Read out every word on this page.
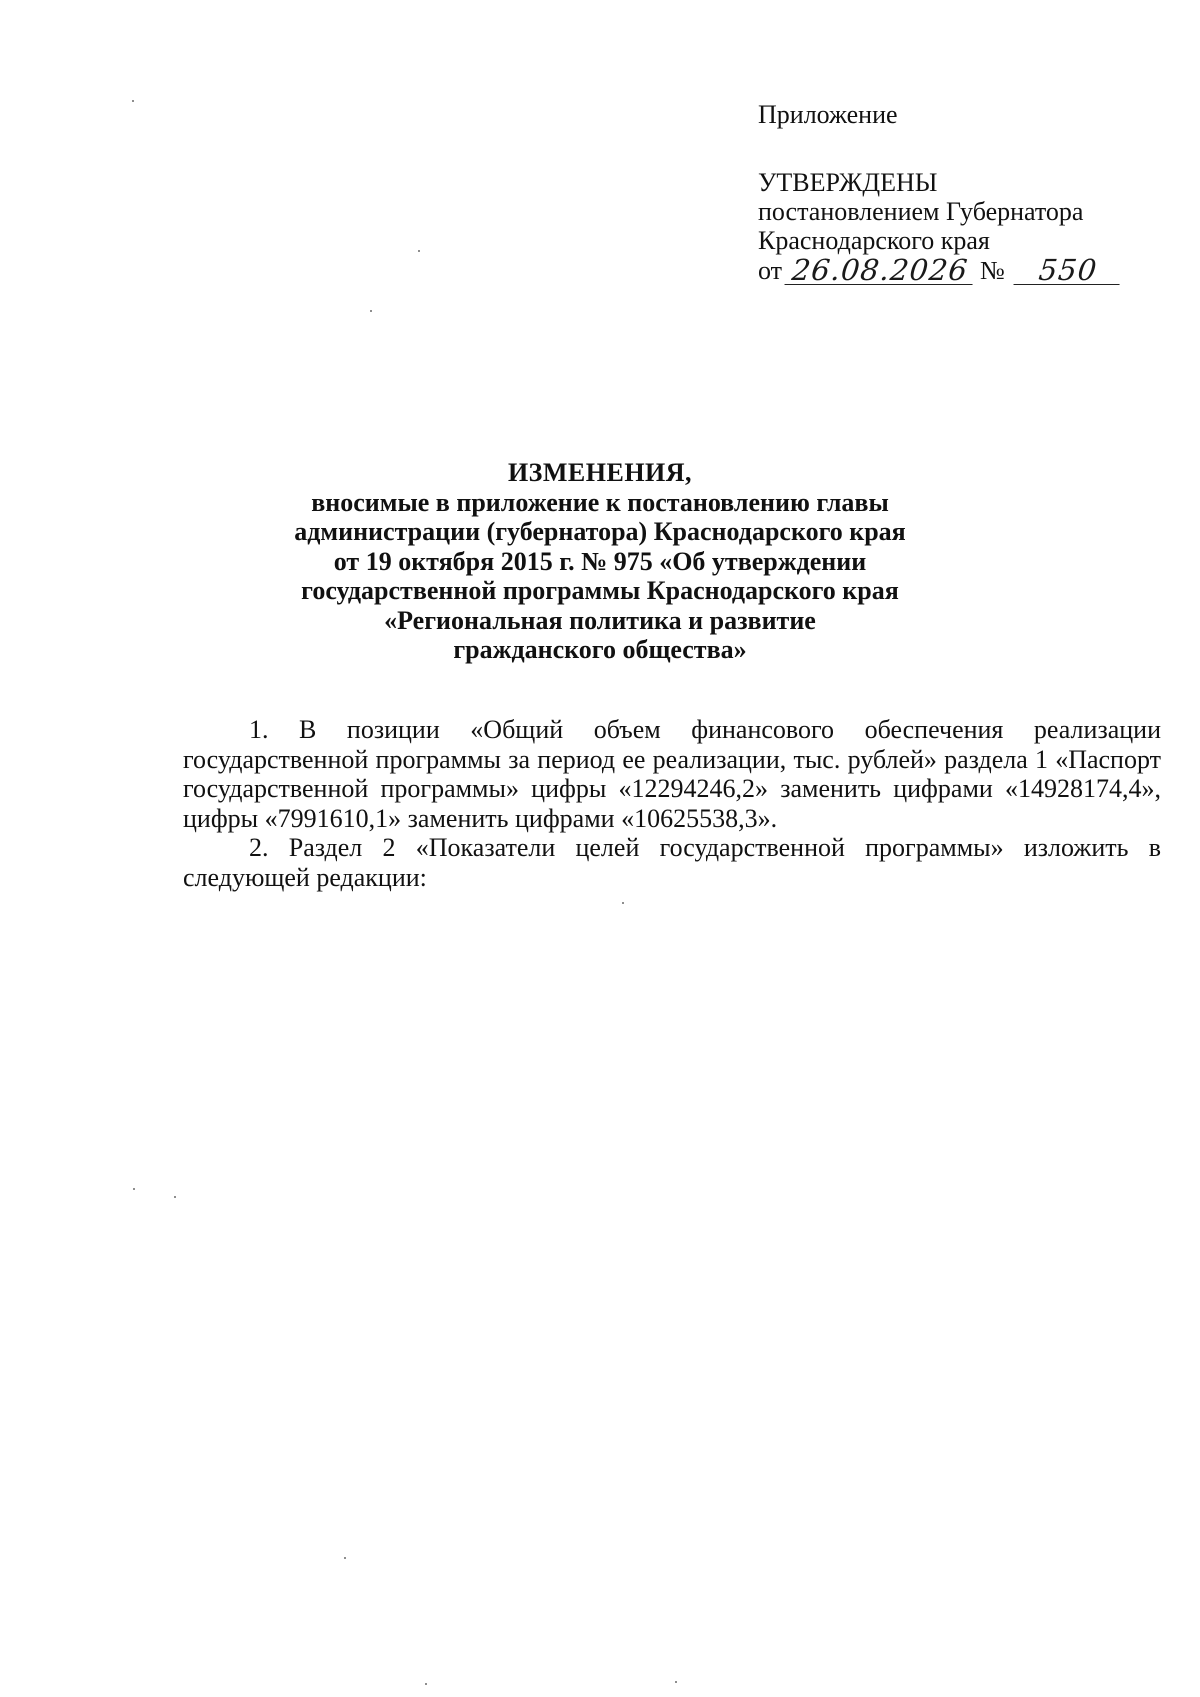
Приложение
УТВЕРЖДЕНЫ
постановлением Губернатора
Краснодарского края
от 26.08.2026 №	550
ИЗМЕНЕНИЯ,
вносимые в приложение к постановлению главы
администрации (губернатора) Краснодарского края
от 19 октября 2015 г. № 975 «Об утверждении
государственной программы Краснодарского края
«Региональная политика и развитие
гражданского общества»

1. В позиции «Общий объем финансового обеспечения реализации государственной программы за период ее реализации, тыс. рублей» раздела 1 «Паспорт государственной программы» цифры «12294246,2» заменить цифрами «14928174,4», цифры «7991610,1» заменить цифрами «10625538,3».

2. Раздел 2 «Показатели целей государственной программы» изложить в следующей редакции:
